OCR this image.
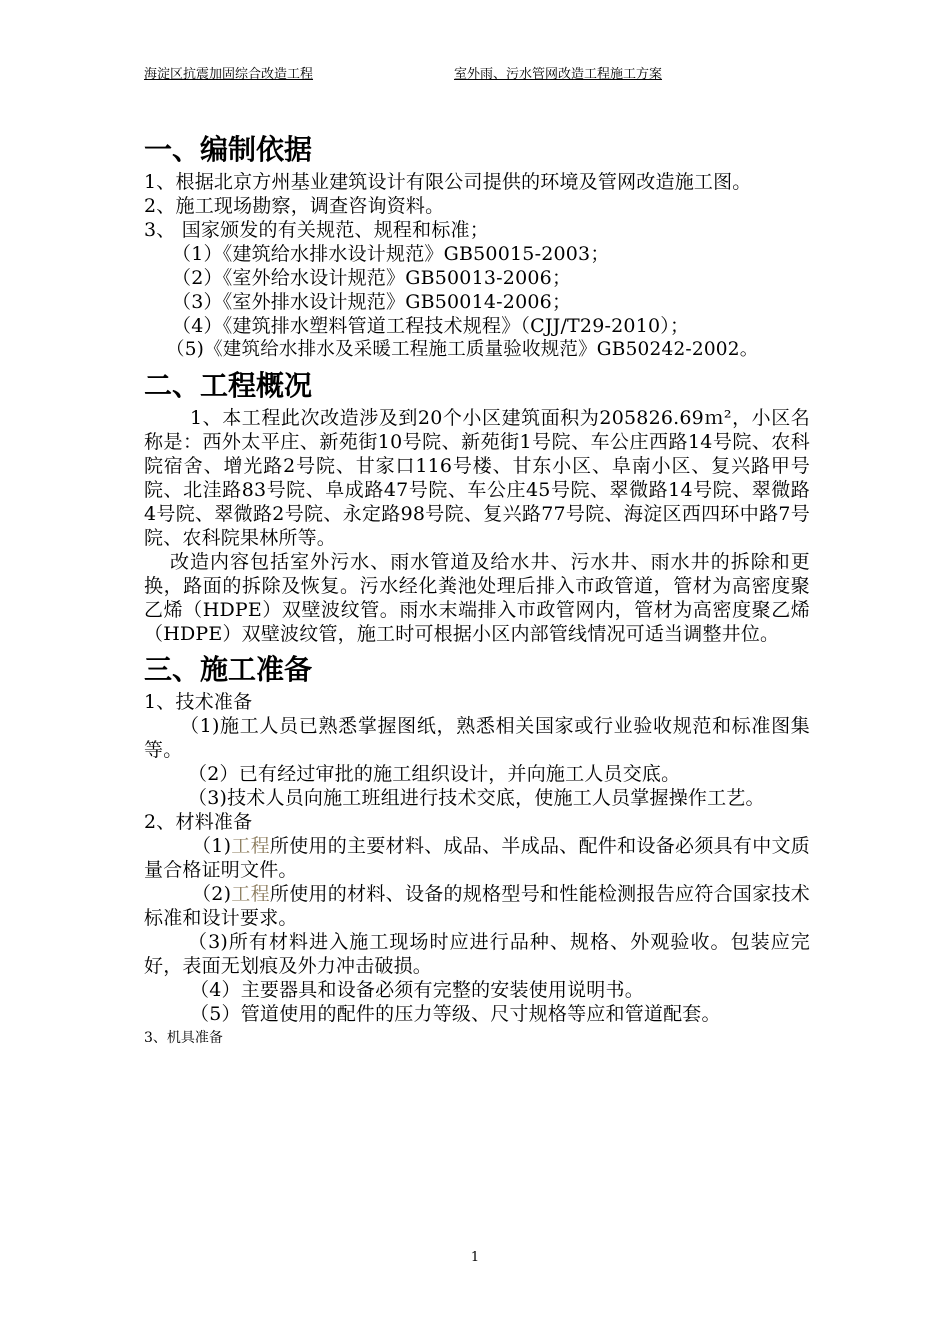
海淀区抗震加固综合改造工程	室外雨、污水管网改造工程施工方案
一、编制依据
1、根据北京方州基业建筑设计有限公司提供的环境及管网改造施工图。
2、施工现场勘察，调查咨询资料。
3、 国家颁发的有关规范、规程和标准；
（1）《建筑给水排水设计规范》GB50015-2003；
（2）《室外给水设计规范》GB50013-2006；
（3）《室外排水设计规范》GB50014-2006；
（4）《建筑排水塑料管道工程技术规程》（CJJ/T29-2010）；
（5)《建筑给水排水及采暖工程施工质量验收规范》GB50242-2002。
二、工程概况
1、本工程此次改造涉及到20个小区建筑面积为205826.69ｍ²，小区名称是：西外太平庄、新苑街10号院、新苑街1号院、车公庄西路14号院、农科院宿舍、增光路2号院、甘家口116号楼、甘东小区、阜南小区、复兴路甲号院、北洼路83号院、阜成路47号院、车公庄45号院、翠微路14号院、翠微路4号院、翠微路2号院、永定路98号院、复兴路77号院、海淀区西四环中路7号院、农科院果林所等。
改造内容包括室外污水、雨水管道及给水井、污水井、雨水井的拆除和更换，路面的拆除及恢复。污水经化粪池处理后排入市政管道，管材为高密度聚乙烯（HDPE）双壁波纹管。雨水末端排入市政管网内，管材为高密度聚乙烯（HDPE）双壁波纹管，施工时可根据小区内部管线情况可适当调整井位。
三、施工准备
1、技术准备
（1)施工人员已熟悉掌握图纸，熟悉相关国家或行业验收规范和标准图集等。
（2）已有经过审批的施工组织设计，并向施工人员交底。
（3)技术人员向施工班组进行技术交底，使施工人员掌握操作工艺。
2、材料准备
（1)工程所使用的主要材料、成品、半成品、配件和设备必须具有中文质量合格证明文件。
（2)工程所使用的材料、设备的规格型号和性能检测报告应符合国家技术标准和设计要求。
（3)所有材料进入施工现场时应进行品种、规格、外观验收。包装应完好，表面无划痕及外力冲击破损。
（4）主要器具和设备必须有完整的安装使用说明书。
（5）管道使用的配件的压力等级、尺寸规格等应和管道配套。
3、机具准备
1
